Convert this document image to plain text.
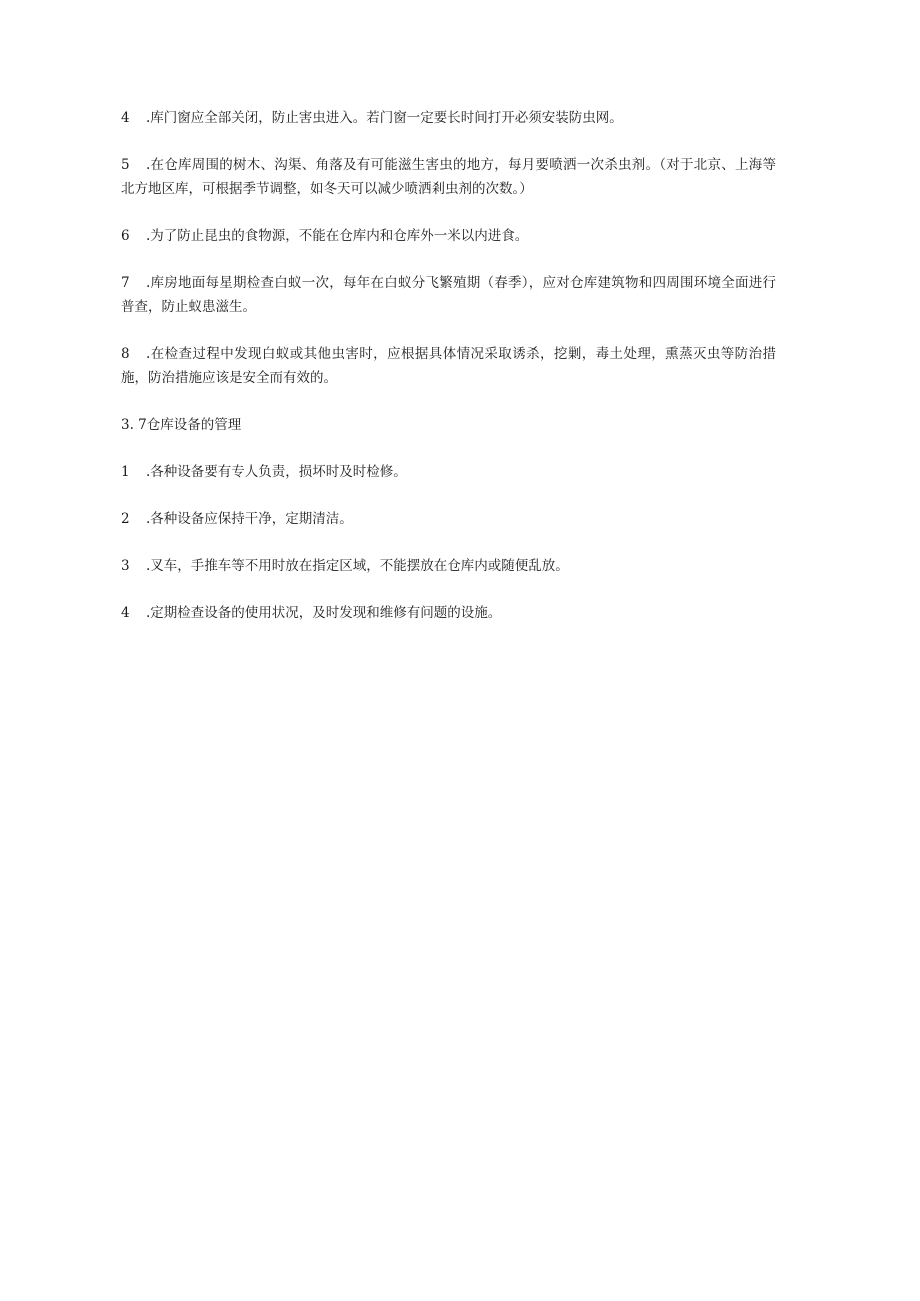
4 .库门窗应全部关闭，防止害虫进入。若门窗一定要长时间打开必须安装防虫网。

5 .在仓库周围的树木、沟渠、角落及有可能滋生害虫的地方，每月要喷洒一次杀虫剂。（对于北京、上海等北方地区库，可根据季节调整，如冬天可以减少喷洒剎虫剂的次数。）

6 .为了防止昆虫的食物源，不能在仓库内和仓库外一米以内进食。

7 .库房地面每星期检查白蚁一次，每年在白蚁分飞繁殖期（春季），应对仓库建筑物和四周围环境全面进行普查，防止蚁患滋生。

8 .在检查过程中发现白蚁或其他虫害时，应根据具体情况采取诱杀，挖剿，毒土处理，熏蒸灭虫等防治措施，防治措施应该是安全而有效的。

3. 7仓库设备的管理

1 .各种设备要有专人负责，损坏时及时检修。

2 .各种设备应保持干净，定期清洁。

3 .叉车，手推车等不用时放在指定区域，不能摆放在仓库内或随便乱放。

4 .定期检查设备的使用状况，及时发现和维修有问题的设施。
